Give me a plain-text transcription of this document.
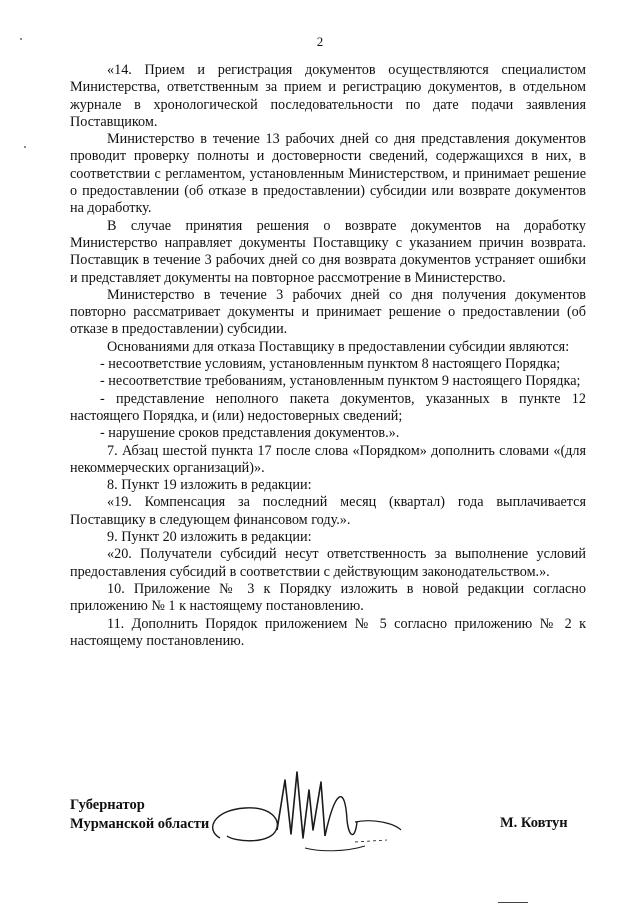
2

«14. Прием и регистрация документов осуществляются специалистом Министерства, ответственным за прием и регистрацию документов, в отдельном журнале в хронологической последовательности по дате подачи заявления Поставщиком.

Министерство в течение 13 рабочих дней со дня представления документов проводит проверку полноты и достоверности сведений, содержащихся в них, в соответствии с регламентом, установленным Министерством, и принимает решение о предоставлении (об отказе в предоставлении) субсидии или возврате документов на доработку.

В случае принятия решения о возврате документов на доработку Министерство направляет документы Поставщику с указанием причин возврата. Поставщик в течение 3 рабочих дней со дня возврата документов устраняет ошибки и представляет документы на повторное рассмотрение в Министерство.

Министерство в течение 3 рабочих дней со дня получения документов повторно рассматривает документы и принимает решение о предоставлении (об отказе в предоставлении) субсидии.

Основаниями для отказа Поставщику в предоставлении субсидии являются:

- несоответствие условиям, установленным пунктом 8 настоящего Порядка;

- несоответствие требованиям, установленным пунктом 9 настоящего Порядка;

- представление неполного пакета документов, указанных в пункте 12 настоящего Порядка, и (или) недостоверных сведений;

- нарушение сроков представления документов.».

7. Абзац шестой пункта 17 после слова «Порядком» дополнить словами «(для некоммерческих организаций)».

8. Пункт 19 изложить в редакции:

«19. Компенсация за последний месяц (квартал) года выплачивается Поставщику в следующем финансовом году.».

9. Пункт 20 изложить в редакции:

«20. Получатели субсидий несут ответственность за выполнение условий предоставления субсидий в соответствии с действующим законодательством.».

10. Приложение № 3 к Порядку изложить в новой редакции согласно приложению № 1 к настоящему постановлению.

11. Дополнить Порядок приложением № 5 согласно приложению № 2 к настоящему постановлению.

Губернатор
Мурманской области	М. Ковтун
